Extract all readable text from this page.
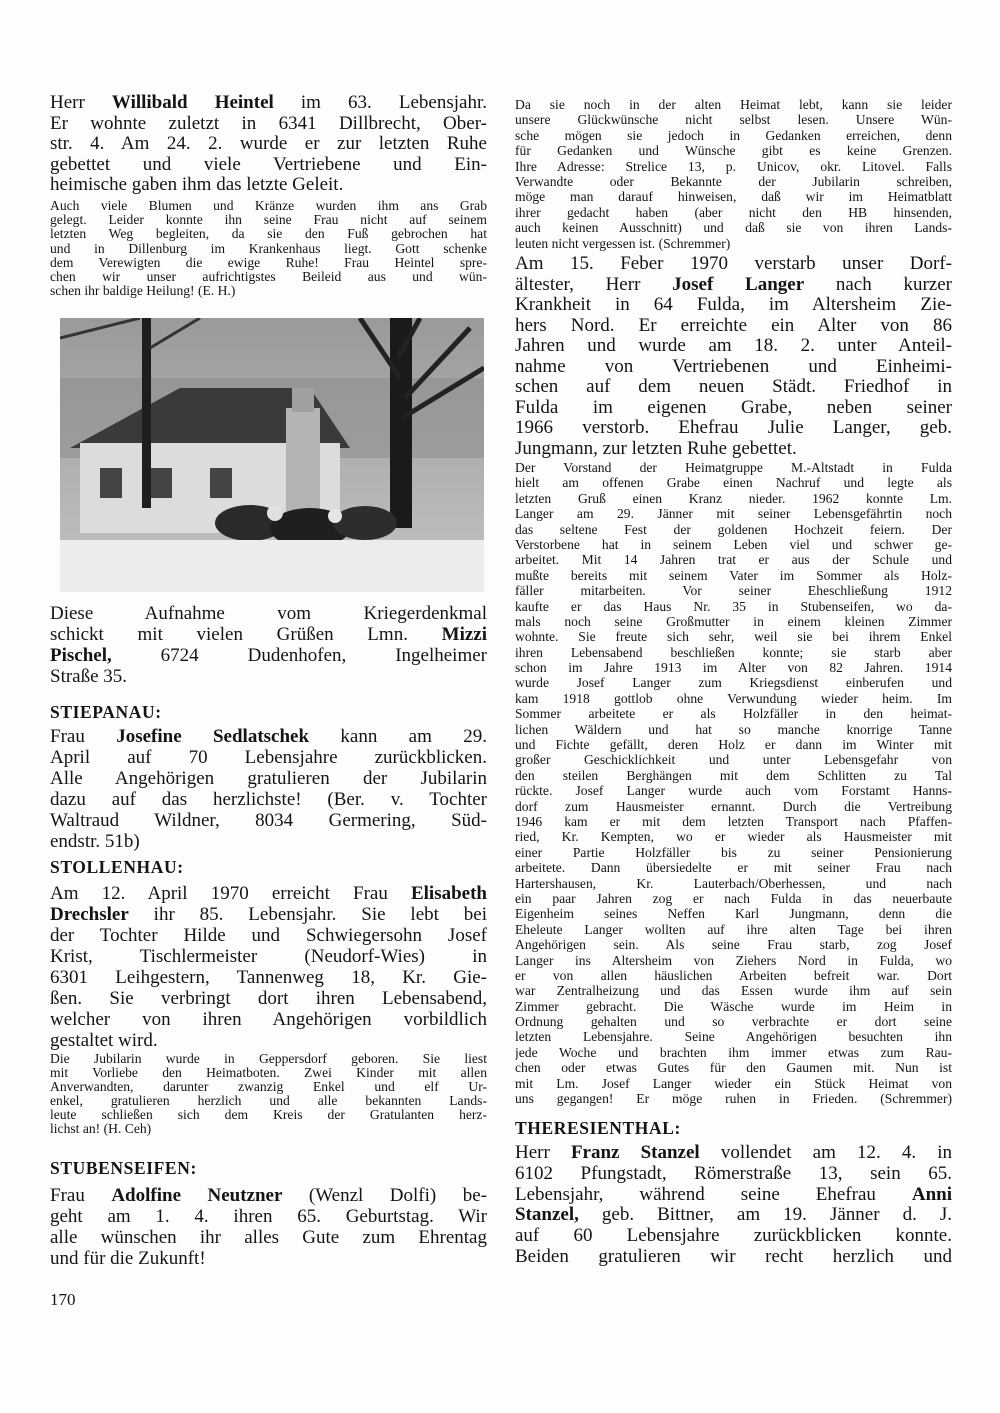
Herr Willibald Heintel im 63. Lebensjahr.
Er wohnte zuletzt in 6341 Dillbrecht, Ober-
str. 4. Am 24. 2. wurde er zur letzten Ruhe
gebettet und viele Vertriebene und Ein-
heimische gaben ihm das letzte Geleit.
Auch viele Blumen und Kränze wurden ihm ans Grab
gelegt. Leider konnte ihn seine Frau nicht auf seinem
letzten Weg begleiten, da sie den Fuß gebrochen hat
und in Dillenburg im Krankenhaus liegt. Gott schenke
dem Verewigten die ewige Ruhe! Frau Heintel spre-
chen wir unser aufrichtigstes Beileid aus und wün-
schen ihr baldige Heilung! (E. H.)
Diese Aufnahme vom Kriegerdenkmal
schickt mit vielen Grüßen Lmn. Mizzi
Pischel, 6724 Dudenhofen, Ingelheimer
Straße 35.
STIEPANAU:
Frau Josefine Sedlatschek kann am 29.
April auf 70 Lebensjahre zurückblicken.
Alle Angehörigen gratulieren der Jubilarin
dazu auf das herzlichste! (Ber. v. Tochter
Waltraud Wildner, 8034 Germering, Süd-
endstr. 51b)
STOLLENHAU:
Am 12. April 1970 erreicht Frau Elisabeth
Drechsler ihr 85. Lebensjahr. Sie lebt bei
der Tochter Hilde und Schwiegersohn Josef
Krist, Tischlermeister (Neudorf-Wies) in
6301 Leihgestern, Tannenweg 18, Kr. Gie-
ßen. Sie verbringt dort ihren Lebensabend,
welcher von ihren Angehörigen vorbildlich
gestaltet wird.
Die Jubilarin wurde in Geppersdorf geboren. Sie liest
mit Vorliebe den Heimatboten. Zwei Kinder mit allen
Anverwandten, darunter zwanzig Enkel und elf Ur-
enkel, gratulieren herzlich und alle bekannten Lands-
leute schließen sich dem Kreis der Gratulanten herz-
lichst an! (H. Ceh)
STUBENSEIFEN:
Frau Adolfine Neutzner (Wenzl Dolfi) be-
geht am 1. 4. ihren 65. Geburtstag. Wir
alle wünschen ihr alles Gute zum Ehrentag
und für die Zukunft!
170
Da sie noch in der alten Heimat lebt, kann sie leider
unsere Glückwünsche nicht selbst lesen. Unsere Wün-
sche mögen sie jedoch in Gedanken erreichen, denn
für Gedanken und Wünsche gibt es keine Grenzen.
Ihre Adresse: Strelice 13, p. Unicov, okr. Litovel. Falls
Verwandte oder Bekannte der Jubilarin schreiben,
möge man darauf hinweisen, daß wir im Heimatblatt
ihrer gedacht haben (aber nicht den HB hinsenden,
auch keinen Ausschnitt) und daß sie von ihren Lands-
leuten nicht vergessen ist. (Schremmer)
Am 15. Feber 1970 verstarb unser Dorf-
ältester, Herr Josef Langer nach kurzer
Krankheit in 64 Fulda, im Altersheim Zie-
hers Nord. Er erreichte ein Alter von 86
Jahren und wurde am 18. 2. unter Anteil-
nahme von Vertriebenen und Einheimi-
schen auf dem neuen Städt. Friedhof in
Fulda im eigenen Grabe, neben seiner
1966 verstorb. Ehefrau Julie Langer, geb.
Jungmann, zur letzten Ruhe gebettet.
Der Vorstand der Heimatgruppe M.-Altstadt in Fulda
hielt am offenen Grabe einen Nachruf und legte als
letzten Gruß einen Kranz nieder. 1962 konnte Lm.
Langer am 29. Jänner mit seiner Lebensgefährtin noch
das seltene Fest der goldenen Hochzeit feiern. Der
Verstorbene hat in seinem Leben viel und schwer ge-
arbeitet. Mit 14 Jahren trat er aus der Schule und
mußte bereits mit seinem Vater im Sommer als Holz-
fäller mitarbeiten. Vor seiner Eheschließung 1912
kaufte er das Haus Nr. 35 in Stubenseifen, wo da-
mals noch seine Großmutter in einem kleinen Zimmer
wohnte. Sie freute sich sehr, weil sie bei ihrem Enkel
ihren Lebensabend beschließen konnte; sie starb aber
schon im Jahre 1913 im Alter von 82 Jahren. 1914
wurde Josef Langer zum Kriegsdienst einberufen und
kam 1918 gottlob ohne Verwundung wieder heim. Im
Sommer arbeitete er als Holzfäller in den heimat-
lichen Wäldern und hat so manche knorrige Tanne
und Fichte gefällt, deren Holz er dann im Winter mit
großer Geschicklichkeit und unter Lebensgefahr von
den steilen Berghängen mit dem Schlitten zu Tal
rückte. Josef Langer wurde auch vom Forstamt Hanns-
dorf zum Hausmeister ernannt. Durch die Vertreibung
1946 kam er mit dem letzten Transport nach Pfaffen-
ried, Kr. Kempten, wo er wieder als Hausmeister mit
einer Partie Holzfäller bis zu seiner Pensionierung
arbeitete. Dann übersiedelte er mit seiner Frau nach
Hartershausen, Kr. Lauterbach/Oberhessen, und nach
ein paar Jahren zog er nach Fulda in das neuerbaute
Eigenheim seines Neffen Karl Jungmann, denn die
Eheleute Langer wollten auf ihre alten Tage bei ihren
Angehörigen sein. Als seine Frau starb, zog Josef
Langer ins Altersheim von Ziehers Nord in Fulda, wo
er von allen häuslichen Arbeiten befreit war. Dort
war Zentralheizung und das Essen wurde ihm auf sein
Zimmer gebracht. Die Wäsche wurde im Heim in
Ordnung gehalten und so verbrachte er dort seine
letzten Lebensjahre. Seine Angehörigen besuchten ihn
jede Woche und brachten ihm immer etwas zum Rau-
chen oder etwas Gutes für den Gaumen mit. Nun ist
mit Lm. Josef Langer wieder ein Stück Heimat von
uns gegangen! Er möge ruhen in Frieden. (Schremmer)
THERESIENTHAL:
Herr Franz Stanzel vollendet am 12. 4. in
6102 Pfungstadt, Römerstraße 13, sein 65.
Lebensjahr, während seine Ehefrau Anni
Stanzel, geb. Bittner, am 19. Jänner d. J.
auf 60 Lebensjahre zurückblicken konnte.
Beiden gratulieren wir recht herzlich und
